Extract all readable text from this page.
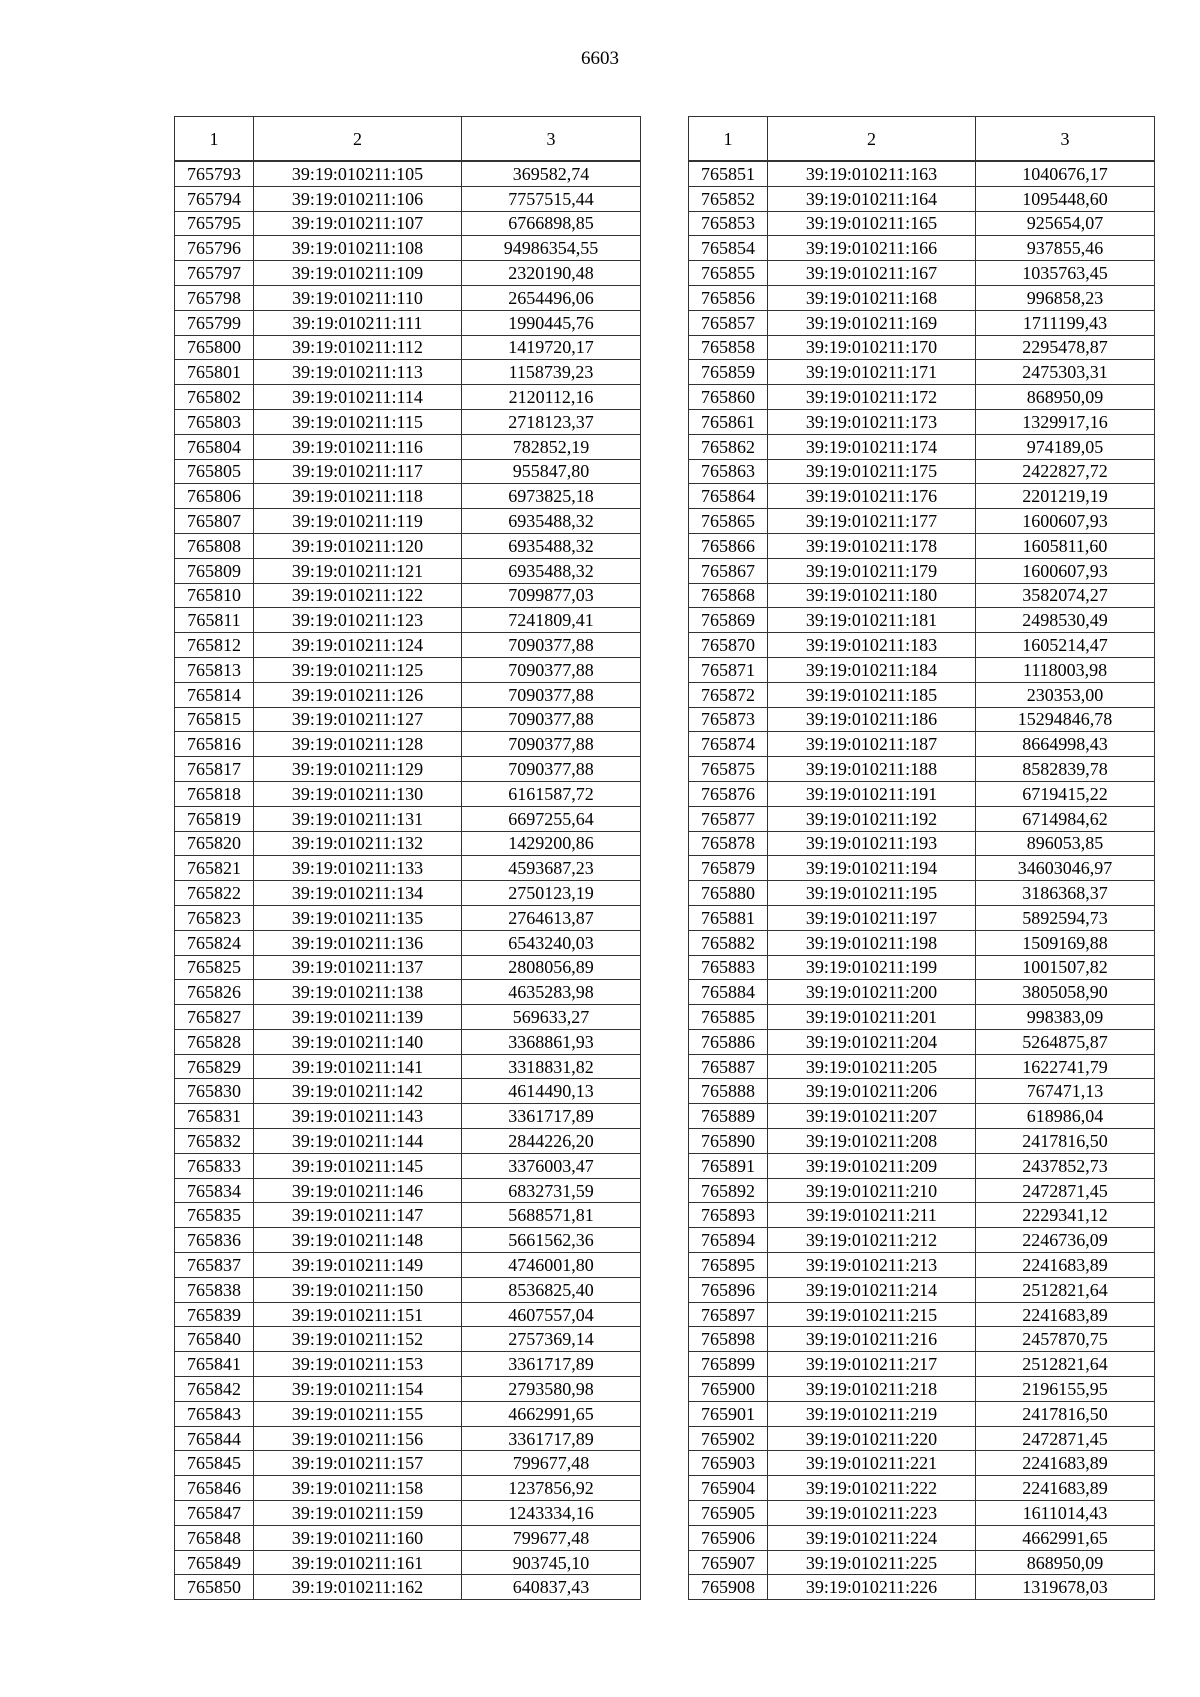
6603
1	2	3
765793	39:19:010211:105	369582,74
765794	39:19:010211:106	7757515,44
765795	39:19:010211:107	6766898,85
765796	39:19:010211:108	94986354,55
765797	39:19:010211:109	2320190,48
765798	39:19:010211:110	2654496,06
765799	39:19:010211:111	1990445,76
765800	39:19:010211:112	1419720,17
765801	39:19:010211:113	1158739,23
765802	39:19:010211:114	2120112,16
765803	39:19:010211:115	2718123,37
765804	39:19:010211:116	782852,19
765805	39:19:010211:117	955847,80
765806	39:19:010211:118	6973825,18
765807	39:19:010211:119	6935488,32
765808	39:19:010211:120	6935488,32
765809	39:19:010211:121	6935488,32
765810	39:19:010211:122	7099877,03
765811	39:19:010211:123	7241809,41
765812	39:19:010211:124	7090377,88
765813	39:19:010211:125	7090377,88
765814	39:19:010211:126	7090377,88
765815	39:19:010211:127	7090377,88
765816	39:19:010211:128	7090377,88
765817	39:19:010211:129	7090377,88
765818	39:19:010211:130	6161587,72
765819	39:19:010211:131	6697255,64
765820	39:19:010211:132	1429200,86
765821	39:19:010211:133	4593687,23
765822	39:19:010211:134	2750123,19
765823	39:19:010211:135	2764613,87
765824	39:19:010211:136	6543240,03
765825	39:19:010211:137	2808056,89
765826	39:19:010211:138	4635283,98
765827	39:19:010211:139	569633,27
765828	39:19:010211:140	3368861,93
765829	39:19:010211:141	3318831,82
765830	39:19:010211:142	4614490,13
765831	39:19:010211:143	3361717,89
765832	39:19:010211:144	2844226,20
765833	39:19:010211:145	3376003,47
765834	39:19:010211:146	6832731,59
765835	39:19:010211:147	5688571,81
765836	39:19:010211:148	5661562,36
765837	39:19:010211:149	4746001,80
765838	39:19:010211:150	8536825,40
765839	39:19:010211:151	4607557,04
765840	39:19:010211:152	2757369,14
765841	39:19:010211:153	3361717,89
765842	39:19:010211:154	2793580,98
765843	39:19:010211:155	4662991,65
765844	39:19:010211:156	3361717,89
765845	39:19:010211:157	799677,48
765846	39:19:010211:158	1237856,92
765847	39:19:010211:159	1243334,16
765848	39:19:010211:160	799677,48
765849	39:19:010211:161	903745,10
765850	39:19:010211:162	640837,43
1	2	3
765851	39:19:010211:163	1040676,17
765852	39:19:010211:164	1095448,60
765853	39:19:010211:165	925654,07
765854	39:19:010211:166	937855,46
765855	39:19:010211:167	1035763,45
765856	39:19:010211:168	996858,23
765857	39:19:010211:169	1711199,43
765858	39:19:010211:170	2295478,87
765859	39:19:010211:171	2475303,31
765860	39:19:010211:172	868950,09
765861	39:19:010211:173	1329917,16
765862	39:19:010211:174	974189,05
765863	39:19:010211:175	2422827,72
765864	39:19:010211:176	2201219,19
765865	39:19:010211:177	1600607,93
765866	39:19:010211:178	1605811,60
765867	39:19:010211:179	1600607,93
765868	39:19:010211:180	3582074,27
765869	39:19:010211:181	2498530,49
765870	39:19:010211:183	1605214,47
765871	39:19:010211:184	1118003,98
765872	39:19:010211:185	230353,00
765873	39:19:010211:186	15294846,78
765874	39:19:010211:187	8664998,43
765875	39:19:010211:188	8582839,78
765876	39:19:010211:191	6719415,22
765877	39:19:010211:192	6714984,62
765878	39:19:010211:193	896053,85
765879	39:19:010211:194	34603046,97
765880	39:19:010211:195	3186368,37
765881	39:19:010211:197	5892594,73
765882	39:19:010211:198	1509169,88
765883	39:19:010211:199	1001507,82
765884	39:19:010211:200	3805058,90
765885	39:19:010211:201	998383,09
765886	39:19:010211:204	5264875,87
765887	39:19:010211:205	1622741,79
765888	39:19:010211:206	767471,13
765889	39:19:010211:207	618986,04
765890	39:19:010211:208	2417816,50
765891	39:19:010211:209	2437852,73
765892	39:19:010211:210	2472871,45
765893	39:19:010211:211	2229341,12
765894	39:19:010211:212	2246736,09
765895	39:19:010211:213	2241683,89
765896	39:19:010211:214	2512821,64
765897	39:19:010211:215	2241683,89
765898	39:19:010211:216	2457870,75
765899	39:19:010211:217	2512821,64
765900	39:19:010211:218	2196155,95
765901	39:19:010211:219	2417816,50
765902	39:19:010211:220	2472871,45
765903	39:19:010211:221	2241683,89
765904	39:19:010211:222	2241683,89
765905	39:19:010211:223	1611014,43
765906	39:19:010211:224	4662991,65
765907	39:19:010211:225	868950,09
765908	39:19:010211:226	1319678,03
